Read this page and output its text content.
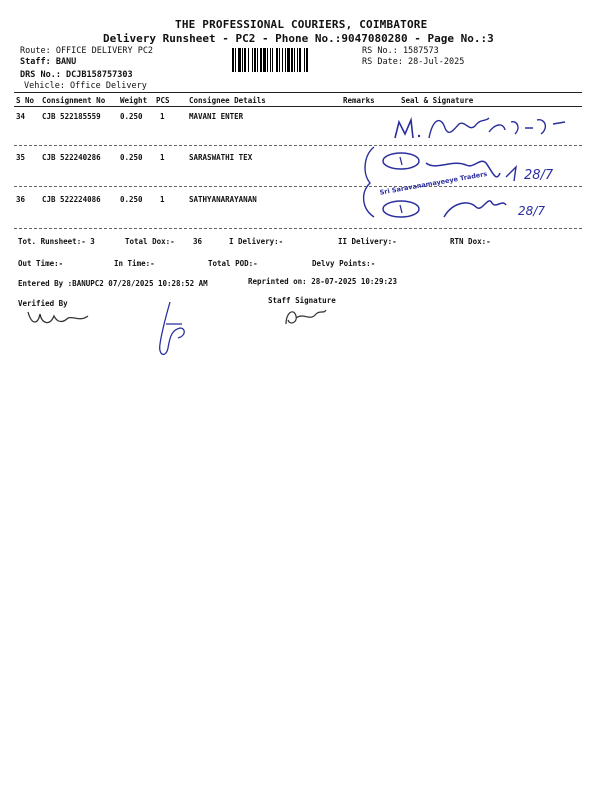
THE PROFESSIONAL COURIERS, COIMBATORE
Delivery Runsheet - PC2 - Phone No.:9047080280 - Page No.:3
Route: OFFICE DELIVERY PC2
Staff: BANU
DRS No.: DCJB158757303
Vehicle: Office Delivery
RS No.: 1587573
RS Date: 28-Jul-2025
S No Consignment No Weight PCS	Consignee Details	Remarks	Seal & Signature
34 CJB 522185559	0.250 1	MAVANI ENTER
35 CJB 522240286	0.250 1	SARASWATHI TEX
36 CJB 522224086	0.250 1	SATHYANARAYANAN
Tot. Runsheet:- 3	Total Dox:- 36	I Delivery:-	II Delivery:-	RTN Dox:-
Out Time:-	In Time:-	Total POD:-	Delvy Points:-
Entered By :BANUPC2 07/28/2025 10:28:52 AM	Reprinted on: 28-07-2025 10:29:23
Verified By	Staff Signature
Sri Saravanamayeeye Traders	28/7
28/7
